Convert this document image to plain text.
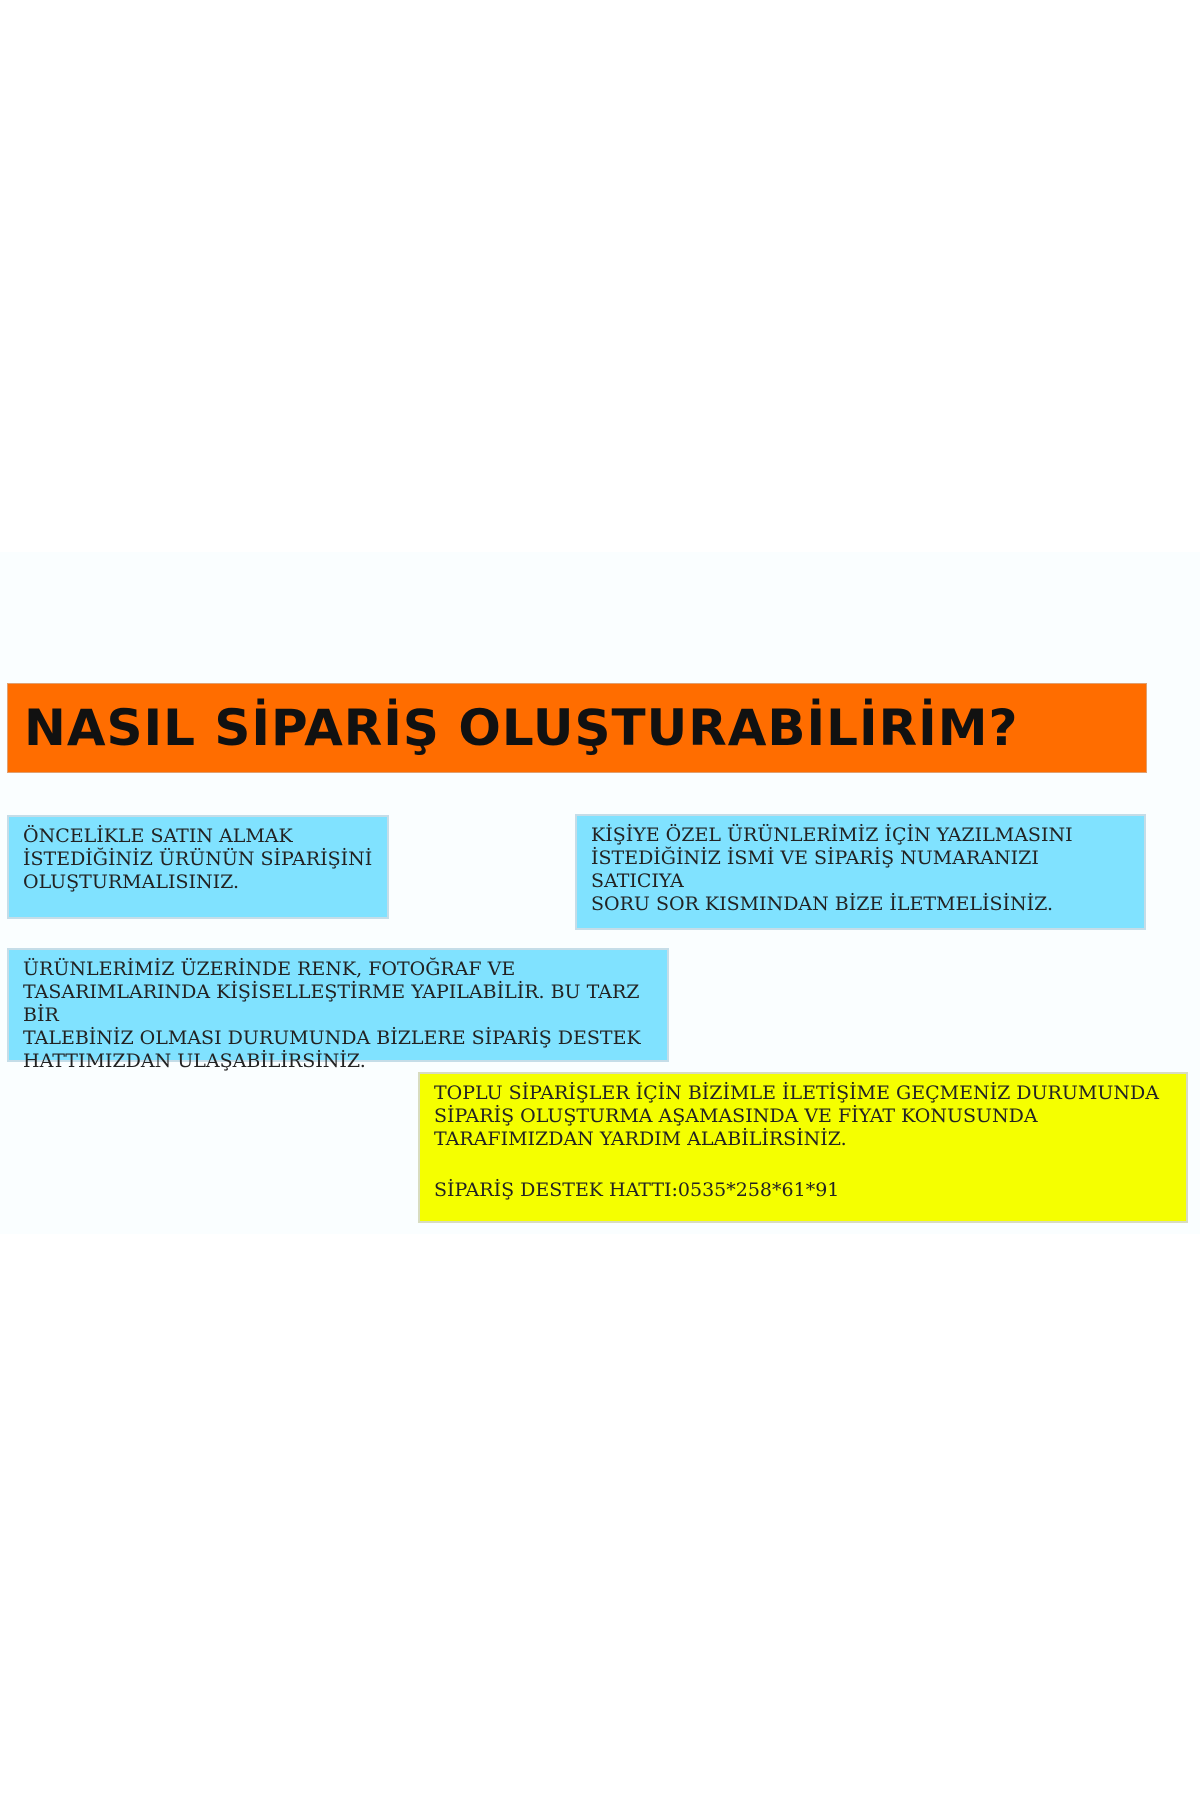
NASIL SİPARİŞ OLUŞTURABİLİRİM?

ÖNCELİKLE SATIN ALMAK
İSTEDİĞİNİZ ÜRÜNÜN SİPARİŞİNİ
OLUŞTURMALISINIZ.

KİŞİYE ÖZEL ÜRÜNLERİMİZ İÇİN YAZILMASINI
İSTEDİĞİNİZ İSMİ VE SİPARİŞ NUMARANIZI SATICIYA
SORU SOR KISMINDAN BİZE İLETMELİSİNİZ.

ÜRÜNLERİMİZ ÜZERİNDE RENK, FOTOĞRAF VE
TASARIMLARINDA KİŞİSELLEŞTİRME YAPILABİLİR. BU TARZ BİR
TALEBİNİZ OLMASI DURUMUNDA BİZLERE SİPARİŞ DESTEK
HATTIMIZDAN ULAŞABİLİRSİNİZ.

TOPLU SİPARİŞLER İÇİN BİZİMLE İLETİŞİME GEÇMENİZ DURUMUNDA
SİPARİŞ OLUŞTURMA AŞAMASINDA VE FİYAT KONUSUNDA
TARAFIMIZDAN YARDIM ALABİLİRSİNİZ.

SİPARİŞ DESTEK HATTI:0535*258*61*91
